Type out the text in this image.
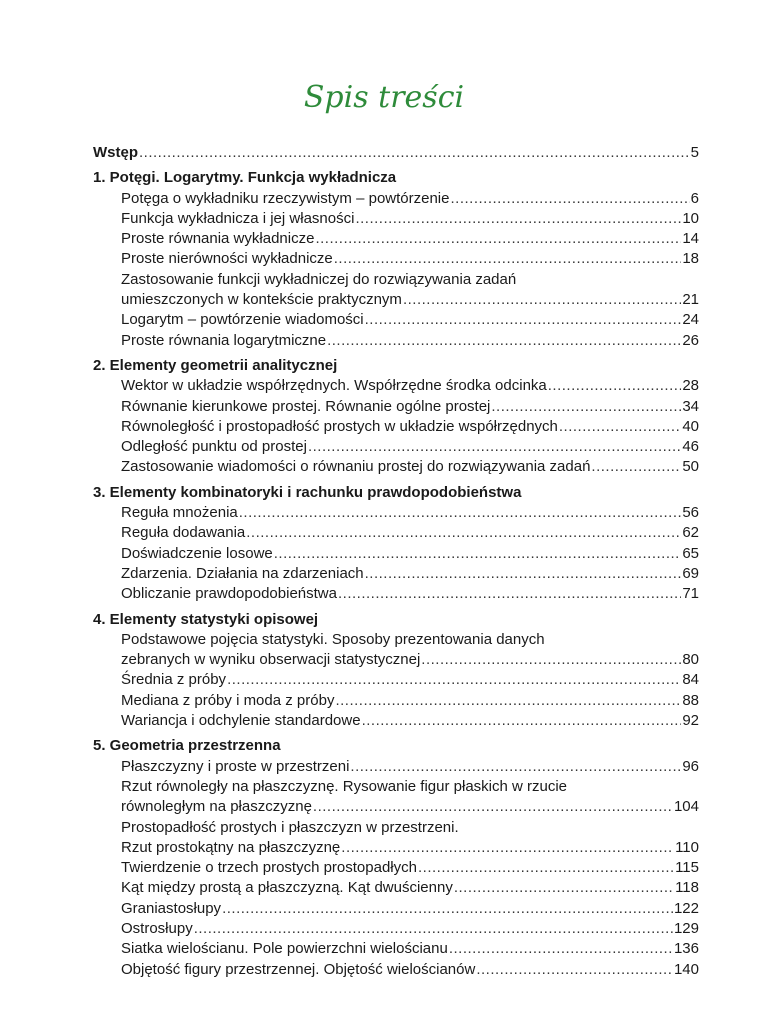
Spis treści
Wstęp .....	5
1. Potęgi. Logarytmy. Funkcja wykładnicza
Potęga o wykładniku rzeczywistym – powtórzenie .....	6
Funkcja wykładnicza i jej własności .....	10
Proste równania wykładnicze .....	14
Proste nierówności wykładnicze .....	18
Zastosowanie funkcji wykładniczej do rozwiązywania zadań
umieszczonych w kontekście praktycznym .....	21
Logarytm – powtórzenie wiadomości .....	24
Proste równania logarytmiczne .....	26
2. Elementy geometrii analitycznej
Wektor w układzie współrzędnych. Współrzędne środka odcinka .....	28
Równanie kierunkowe prostej. Równanie ogólne prostej .....	34
Równoległość i prostopadłość prostych w układzie współrzędnych .....	40
Odległość punktu od prostej .....	46
Zastosowanie wiadomości o równaniu prostej do rozwiązywania zadań .....	50
3. Elementy kombinatoryki i rachunku prawdopodobieństwa
Reguła mnożenia .....	56
Reguła dodawania .....	62
Doświadczenie losowe .....	65
Zdarzenia. Działania na zdarzeniach .....	69
Obliczanie prawdopodobieństwa .....	71
4. Elementy statystyki opisowej
Podstawowe pojęcia statystyki. Sposoby prezentowania danych
zebranych w wyniku obserwacji statystycznej .....	80
Średnia z próby .....	84
Mediana z próby i moda z próby .....	88
Wariancja i odchylenie standardowe .....	92
5. Geometria przestrzenna
Płaszczyzny i proste w przestrzeni .....	96
Rzut równoległy na płaszczyznę. Rysowanie figur płaskich w rzucie
równoległym na płaszczyznę .....	104
Prostopadłość prostych i płaszczyzn w przestrzeni.
Rzut prostokątny na płaszczyznę .....	110
Twierdzenie o trzech prostych prostopadłych .....	115
Kąt między prostą a płaszczyzną. Kąt dwuścienny .....	118
Graniastosłupy .....	122
Ostrosłupy .....	129
Siatka wielościanu. Pole powierzchni wielościanu .....	136
Objętość figury przestrzennej. Objętość wielościanów .....	140
